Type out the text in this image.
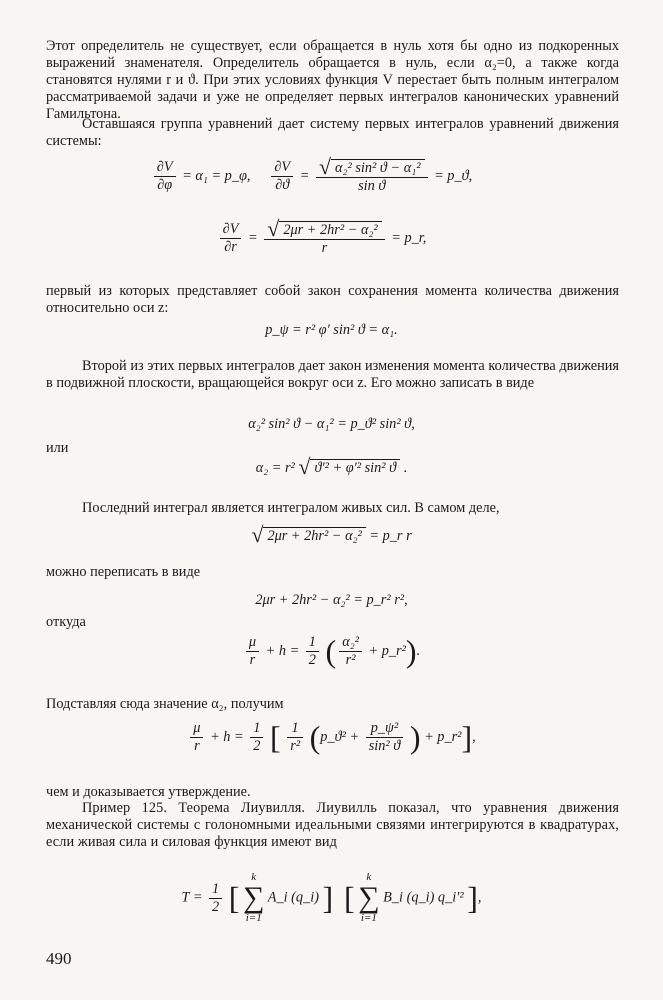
Этот определитель не существует, если обращается в нуль хотя бы одно из подкоренных выражений знаменателя. Определитель обращается в нуль, если α₂=0, а также когда становятся нулями r и ϑ. При этих условиях функция V перестает быть полным интегралом рассматриваемой задачи и уже не определяет первых интегралов канонических уравнений Гамильтона.

Оставшаяся группа уравнений дает систему первых интегралов уравнений движения системы:

$\frac{\partial V}{\partial\varphi} = \alpha_1$ = p_φ, $\frac{\partial V}{\partial ϑ} = \frac{\text{√ α₂² sin² ϑ − α₁²}}{\text{sin ϑ}}$ = p_ϑ,
$\frac{\partial V}{\partial r} = \frac{\text{√ 2μr + 2hr² − α₂²}}{r}$ = p_r,

первый из которых представляет собой закон сохранения момента количества движения относительно оси z:

p_ψ = r² φ′ sin² ϑ = α₁.

Второй из этих первых интегралов дает закон изменения момента количества движения в подвижной плоскости, вращающейся вокруг оси z. Его можно записать в виде

α₂² sin² ϑ − α₁² = p_ϑ² sin² ϑ,

или

α₂ = r² √ ϑ′² + φ′² sin² ϑ .

Последний интеграл является интегралом живых сил. В самом деле,

√ 2μr + 2hr² − α₂² = p_r r

можно переписать в виде

2μr + 2hr² − α₂² = p_r² r²,

откуда

$\frac{\mu}{r} + h = \frac{1}{2}$ ( $\frac{\text{α₂²}}{\text{r²}}$ + p_r²).

Подставляя сюда значение α₂, получим

$\frac{\mu}{r} + h = \frac{1}{2}$ [ $\frac{1}{\text{r²}}$ (p_ϑ² + $\frac{\text{p\_ψ²}}{\text{sin² ϑ}}$ ) + p_r²],

чем и доказывается утверждение.

Пример 125. Теорема Лиувилля. Лиувилль показал, что уравнения движения механической системы с голономными идеальными связями интегрируются в квадратурах, если живая сила и силовая функция имеют вид

$T = \frac{1}{2}$ [ k
∑
i=1 A_i (q_i) ] [ k
∑
i=1 B_i (q_i) q_i′² ],
490
